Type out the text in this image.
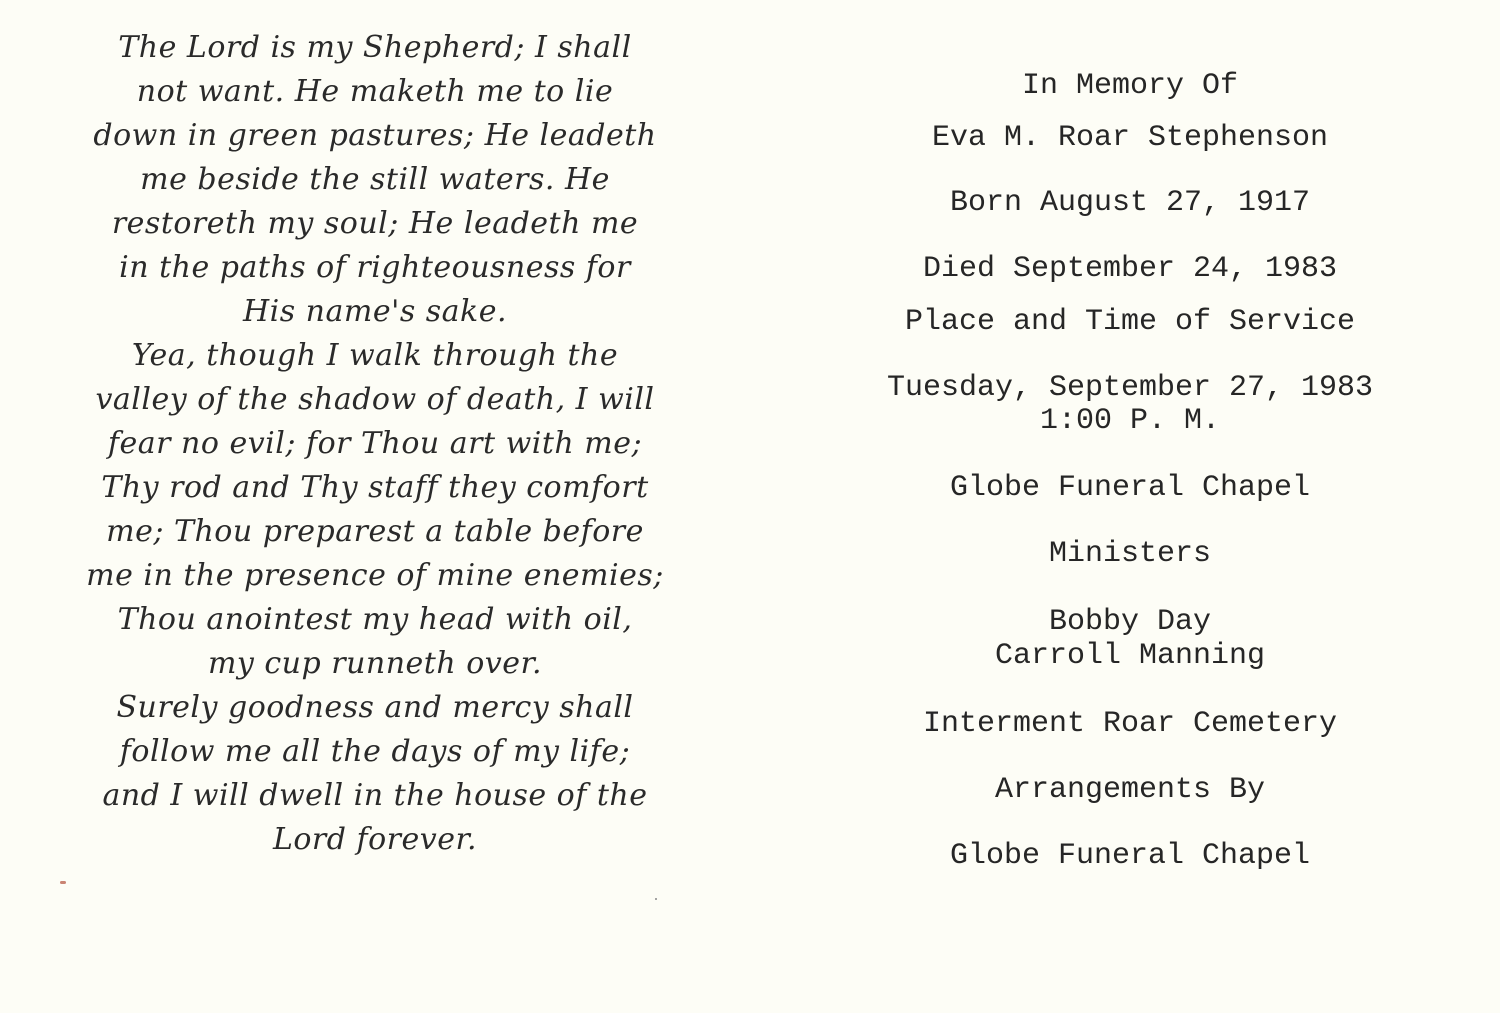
The Lord is my Shepherd; I shall
not want. He maketh me to lie
down in green pastures; He leadeth
me beside the still waters. He
restoreth my soul; He leadeth me
in the paths of righteousness for
His name's sake.
Yea, though I walk through the
valley of the shadow of death, I will
fear no evil; for Thou art with me;
Thy rod and Thy staff they comfort
me; Thou preparest a table before
me in the presence of mine enemies;
Thou anointest my head with oil,
my cup runneth over.
Surely goodness and mercy shall
follow me all the days of my life;
and I will dwell in the house of the
Lord forever.
In Memory Of
Eva M. Roar Stephenson
Born August 27, 1917
Died September 24, 1983
Place and Time of Service
Tuesday, September 27, 1983
1:00 P. M.
Globe Funeral Chapel
Ministers
Bobby Day
Carroll Manning
Interment Roar Cemetery
Arrangements By
Globe Funeral Chapel
